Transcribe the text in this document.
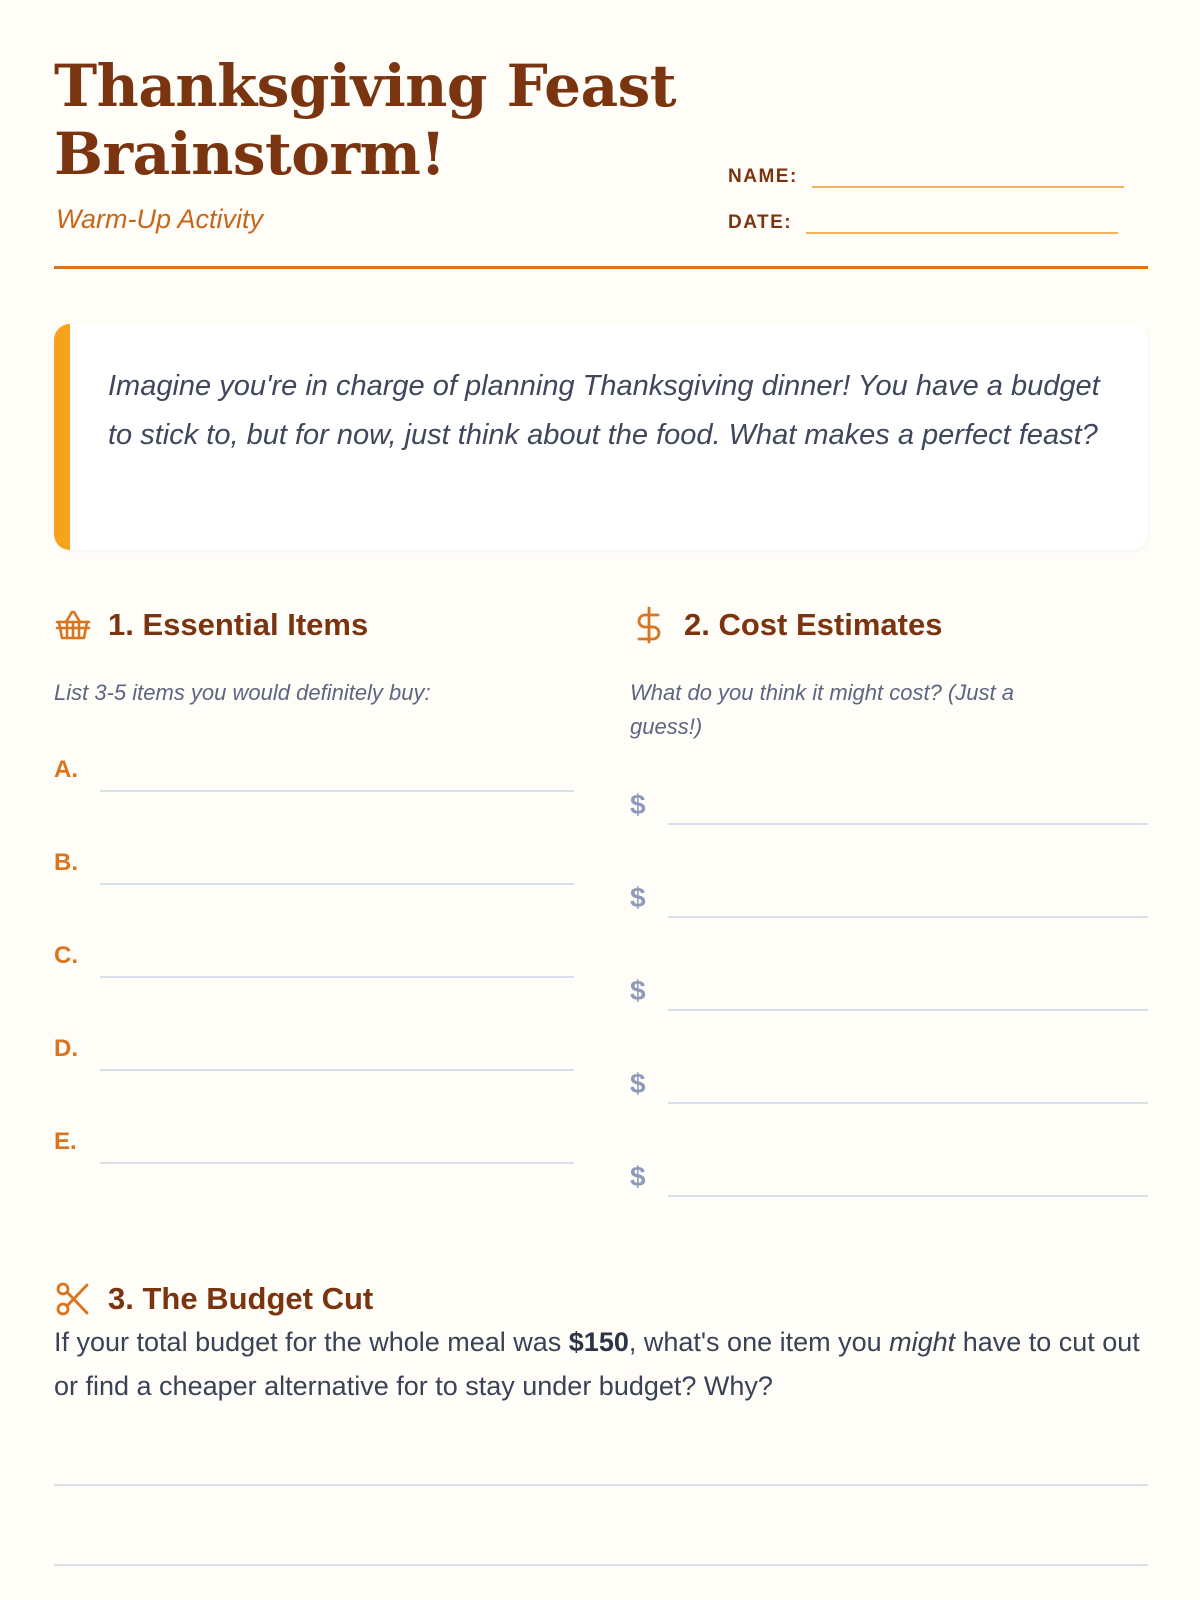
Thanksgiving Feast
Brainstorm!
Warm-Up Activity
NAME:
DATE:

Imagine you're in charge of planning Thanksgiving dinner! You have a budget to stick to, but for now, just think about the food. What makes a perfect feast?

1. Essential Items
List 3-5 items you would definitely buy:
A.
B.
C.
D.
E.
2. Cost Estimates
What do you think it might cost? (Just a guess!)
$
$
$
$
$
3. The Budget Cut

If your total budget for the whole meal was $150, what's one item you might have to cut out or find a cheaper alternative for to stay under budget? Why?
